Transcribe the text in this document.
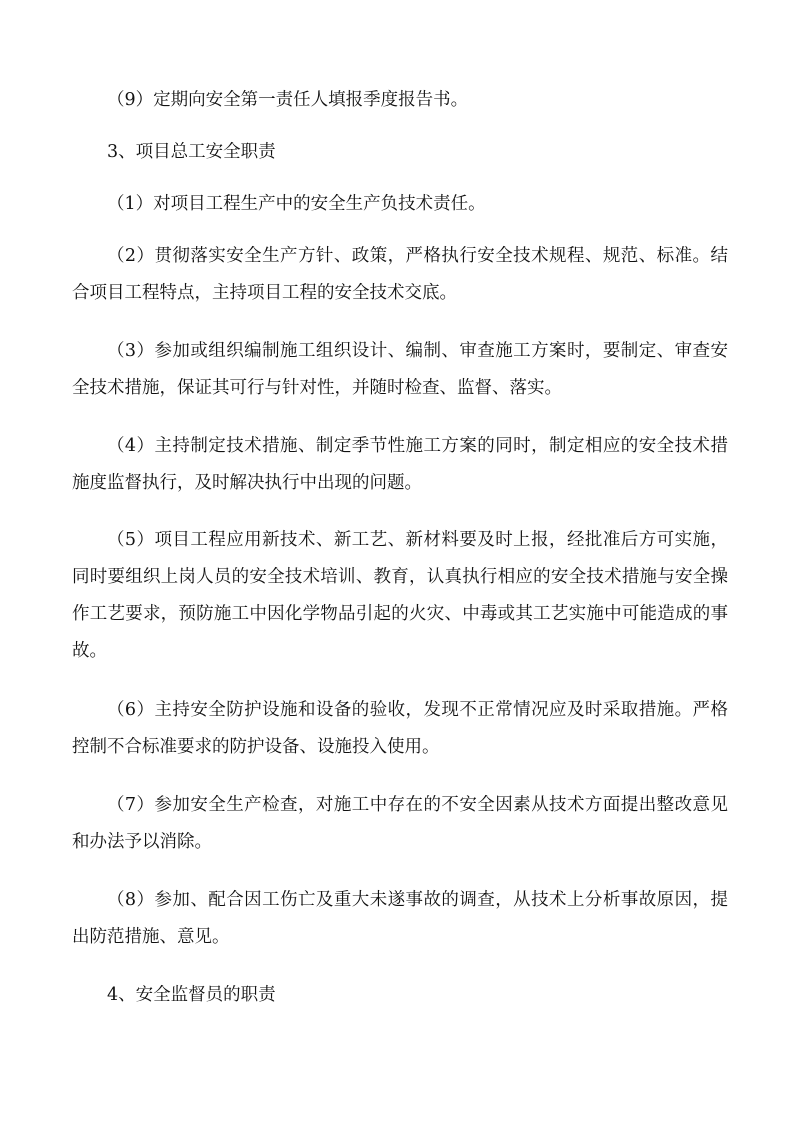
（9）定期向安全第一责任人填报季度报告书。

3、项目总工安全职责

（1）对项目工程生产中的安全生产负技术责任。

（2）贯彻落实安全生产方针、政策，严格执行安全技术规程、规范、标准。结合项目工程特点，主持项目工程的安全技术交底。

（3）参加或组织编制施工组织设计、编制、审查施工方案时，要制定、审查安全技术措施，保证其可行与针对性，并随时检查、监督、落实。

（4）主持制定技术措施、制定季节性施工方案的同时，制定相应的安全技术措施度监督执行，及时解决执行中出现的问题。

（5）项目工程应用新技术、新工艺、新材料要及时上报，经批准后方可实施，同时要组织上岗人员的安全技术培训、教育，认真执行相应的安全技术措施与安全操作工艺要求，预防施工中因化学物品引起的火灾、中毒或其工艺实施中可能造成的事故。

（6）主持安全防护设施和设备的验收，发现不正常情况应及时采取措施。严格控制不合标准要求的防护设备、设施投入使用。

（7）参加安全生产检查，对施工中存在的不安全因素从技术方面提出整改意见和办法予以消除。

（8）参加、配合因工伤亡及重大未遂事故的调查，从技术上分析事故原因，提出防范措施、意见。

4、安全监督员的职责
